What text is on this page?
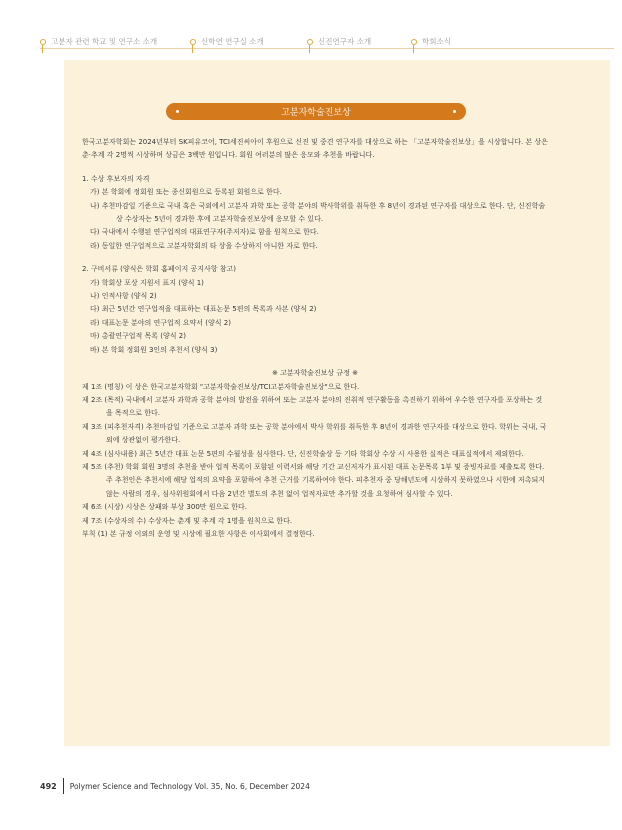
고분자 관련 학교 및 연구소 소개	신학연 연구실 소개	신진연구자 소개	학회소식
고분자학술진보상

한국고분자학회는 2024년부터 SK피유코어, TCI세진씨아이 후원으로 신진 및 중견 연구자를 대상으로 하는 「고분자학술진보상」을 시상합니다. 본 상은 춘·추계 각 2명씩 시상하며 상금은 3백만 원입니다. 회원 여러분의 많은 응모와 추천을 바랍니다.

1. 수상 후보자의 자격

가) 본 학회에 정회원 또는 종신회원으로 등록된 회원으로 한다.

나) 추천마감일 기준으로 국내 혹은 국외에서 고분자 과학 또는 공학 분야의 박사학위를 취득한 후 8년이 경과된 연구자를 대상으로 한다. 단, 신진학술상 수상자는 5년이 경과한 후에 고분자학술진보상에 응모할 수 있다.

다) 국내에서 수행된 연구업적의 대표연구자(주저자)로 함을 원칙으로 한다.

라) 동일한 연구업적으로 고분자학회의 타 상을 수상하지 아니한 자로 한다.

2. 구비서류 (양식은 학회 홈페이지 공지사항 참고)

가) 학회상 포상 지원서 표지 (양식 1)

나) 인적사항 (양식 2)

다) 최근 5년간 연구업적을 대표하는 대표논문 5편의 목록과 사본 (양식 2)

라) 대표논문 분야의 연구업적 요약서 (양식 2)

마) 총괄연구업적 목록 (양식 2)

바) 본 학회 정회원 3인의 추천서 (양식 3)

※ 고분자학술진보상 규정 ※

제 1조 (명칭) 이 상은 한국고분자학회 "고분자학술진보상/TCI고분자학술진보상"으로 한다.

제 2조 (목적) 국내에서 고분자 과학과 공학 분야의 발전을 위하여 또는 고분자 분야의 진취적 연구활동을 촉진하기 위하여 우수한 연구자를 포상하는 것을 목적으로 한다.

제 3조 (피추천자격) 추천마감일 기준으로 고분자 과학 또는 공학 분야에서 박사 학위를 취득한 후 8년이 경과한 연구자를 대상으로 한다. 학위는 국내, 국외에 상관없이 평가한다.

제 4조 (심사내용) 최근 5년간 대표 논문 5편의 수월성을 심사한다. 단, 신진학술상 등 기타 학회상 수상 시 사용한 실적은 대표실적에서 제외한다.

제 5조 (추천) 학회 회원 3명의 추천을 받아 업적 목록이 포함된 이력서와 해당 기간 교신저자가 표시된 대표 논문목록 1부 및 증빙자료를 제출토록 한다. 주 추천인은 추천서에 해당 업적의 요약을 포함하여 추천 근거를 기록하여야 한다. 피추천자 중 당해년도에 시상하지 못하였으나 시한에 저촉되지 않는 사람의 경우, 심사위원회에서 다음 2년간 별도의 추천 없이 업적자료만 추가할 것을 요청하여 심사할 수 있다.

제 6조 (시상) 시상은 상패와 부상 300만 원으로 한다.

제 7조 (수상자의 수) 수상자는 춘계 및 추계 각 1명을 원칙으로 한다.

부칙 (1) 본 규정 이외의 운영 및 시상에 필요한 사항은 이사회에서 결정한다.

492 Polymer Science and Technology Vol. 35, No. 6, December 2024
